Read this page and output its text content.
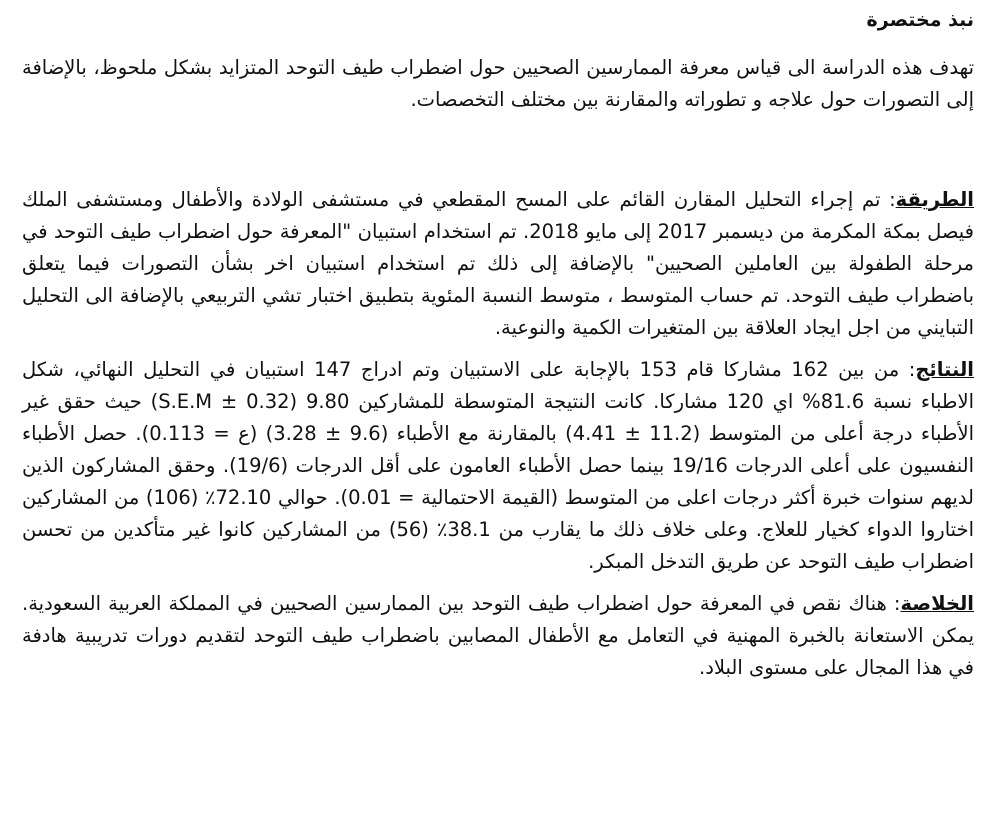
نبذ مختصرة

تهدف هذه الدراسة الى قياس معرفة الممارسين الصحيين حول اضطراب طيف التوحد المتزايد بشكل ملحوظ، بالإضافة إلى التصورات حول علاجه و تطوراته والمقارنة بين مختلف التخصصات.

الطريقة: تم إجراء التحليل المقارن القائم على المسح المقطعي في مستشفى الولادة والأطفال ومستشفى الملك فيصل بمكة المكرمة من ديسمبر 2017 إلى مايو 2018. تم استخدام استبيان "المعرفة حول اضطراب طيف التوحد في مرحلة الطفولة بين العاملين الصحيين" بالإضافة إلى ذلك تم استخدام استبيان اخر بشأن التصورات فيما يتعلق باضطراب طيف التوحد. تم حساب المتوسط ، متوسط النسبة المئوية بتطبيق اختبار تشي التربيعي بالإضافة الى التحليل التبايني من اجل ايجاد العلاقة بين المتغيرات الكمية والنوعية.

النتائج: من بين 162 مشاركا قام 153 بالإجابة على الاستبيان وتم ادراج 147 استبيان في التحليل النهائي، شكل الاطباء نسبة 81.6% اي 120 مشاركا. كانت النتيجة المتوسطة للمشاركين 9.80 (S.E.M ± 0.32) حيث حقق غير الأطباء درجة أعلى من المتوسط (11.2 ± 4.41) بالمقارنة مع الأطباء (9.6 ± 3.28) (ع = 0.113). حصل الأطباء النفسيون على أعلى الدرجات 19/16 بينما حصل الأطباء العامون على أقل الدرجات (19/6). وحقق المشاركون الذين لديهم سنوات خبرة أكثر درجات اعلى من المتوسط (القيمة الاحتمالية = 0.01). حوالي 72.10٪ (106) من المشاركين اختاروا الدواء كخيار للعلاج. وعلى خلاف ذلك ما يقارب من 38.1٪ (56) من المشاركين كانوا غير متأكدين من تحسن اضطراب طيف التوحد عن طريق التدخل المبكر.

الخلاصة: هناك نقص في المعرفة حول اضطراب طيف التوحد بين الممارسين الصحيين في المملكة العربية السعودية. يمكن الاستعانة بالخبرة المهنية في التعامل مع الأطفال المصابين باضطراب طيف التوحد لتقديم دورات تدريبية هادفة في هذا المجال على مستوى البلاد.
